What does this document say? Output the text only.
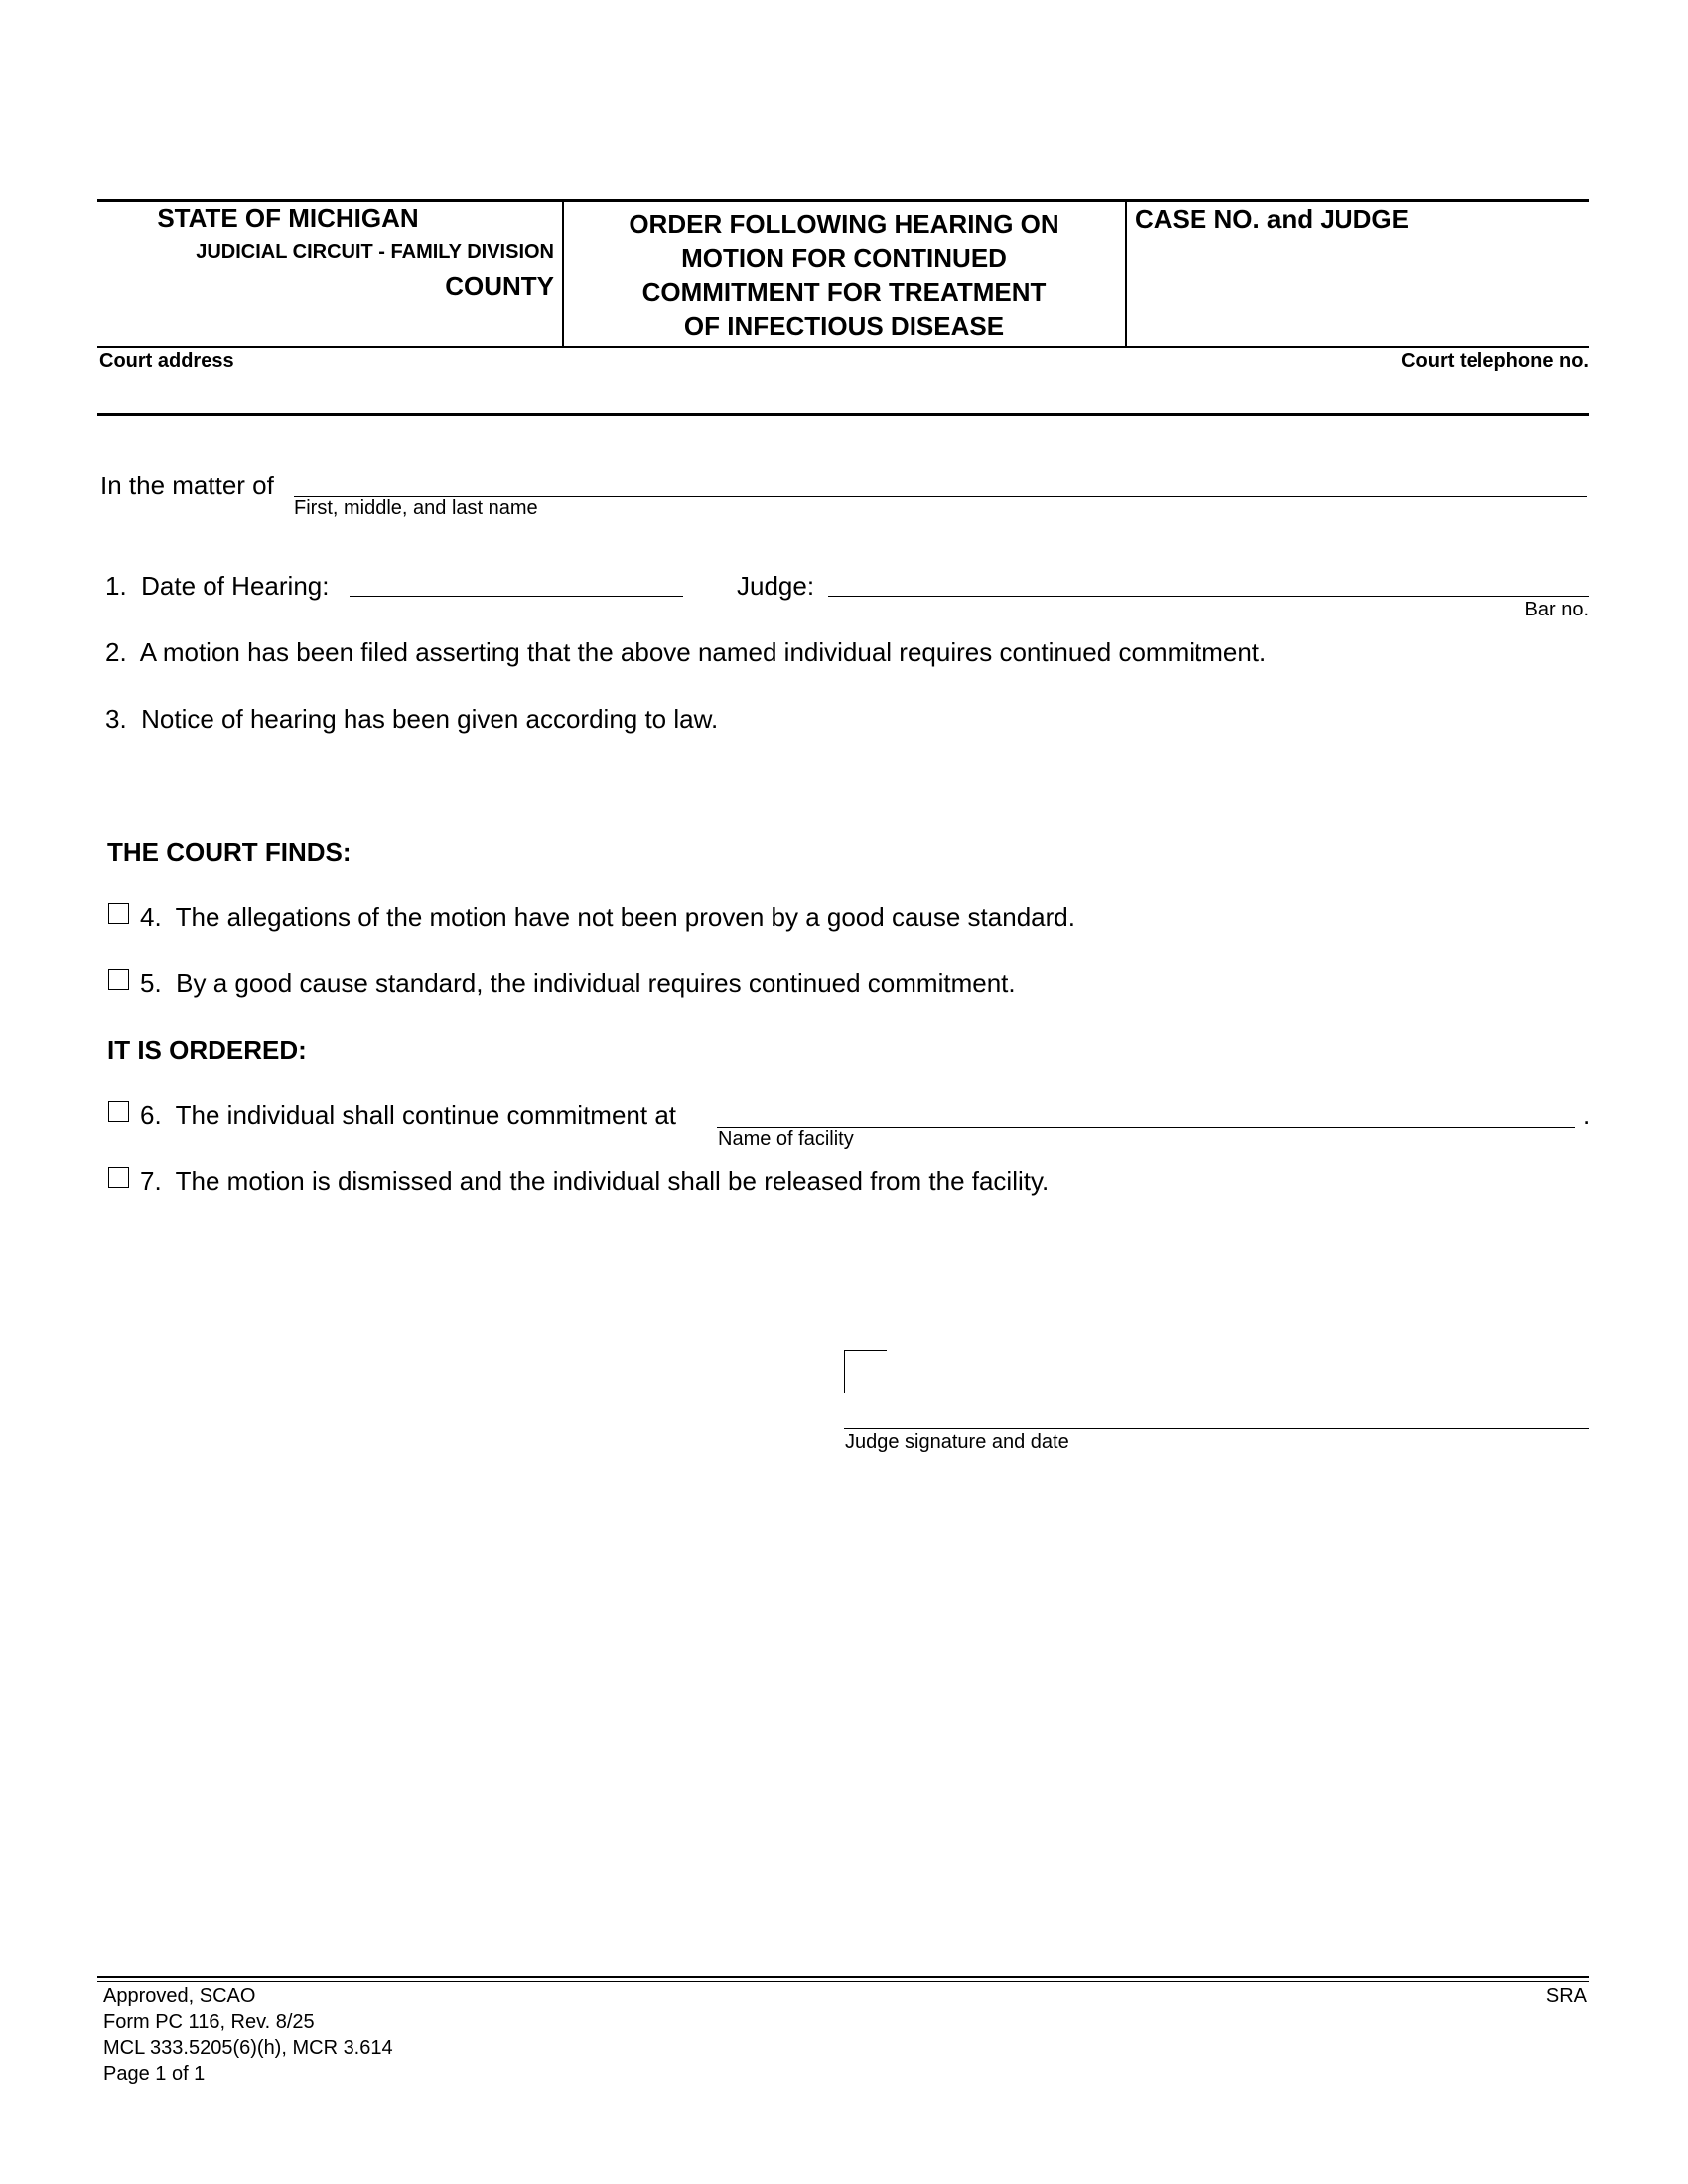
STATE OF MICHIGAN
JUDICIAL CIRCUIT - FAMILY DIVISION
COUNTY
ORDER FOLLOWING HEARING ON
MOTION FOR CONTINUED
COMMITMENT FOR TREATMENT
OF INFECTIOUS DISEASE
CASE NO. and JUDGE
Court address	Court telephone no.
In the matter of
First, middle, and last name
1.  Date of Hearing:	Judge:
Bar no.
2.  A motion has been filed asserting that the above named individual requires continued commitment.
3.  Notice of hearing has been given according to law.
THE COURT FINDS:
4.  The allegations of the motion have not been proven by a good cause standard.
5.  By a good cause standard, the individual requires continued commitment.
IT IS ORDERED:
6.  The individual shall continue commitment at	.
Name of facility
7.  The motion is dismissed and the individual shall be released from the facility.
Judge signature and date
Approved, SCAO
Form PC 116, Rev. 8/25
MCL 333.5205(6)(h), MCR 3.614
Page 1 of 1
SRA
